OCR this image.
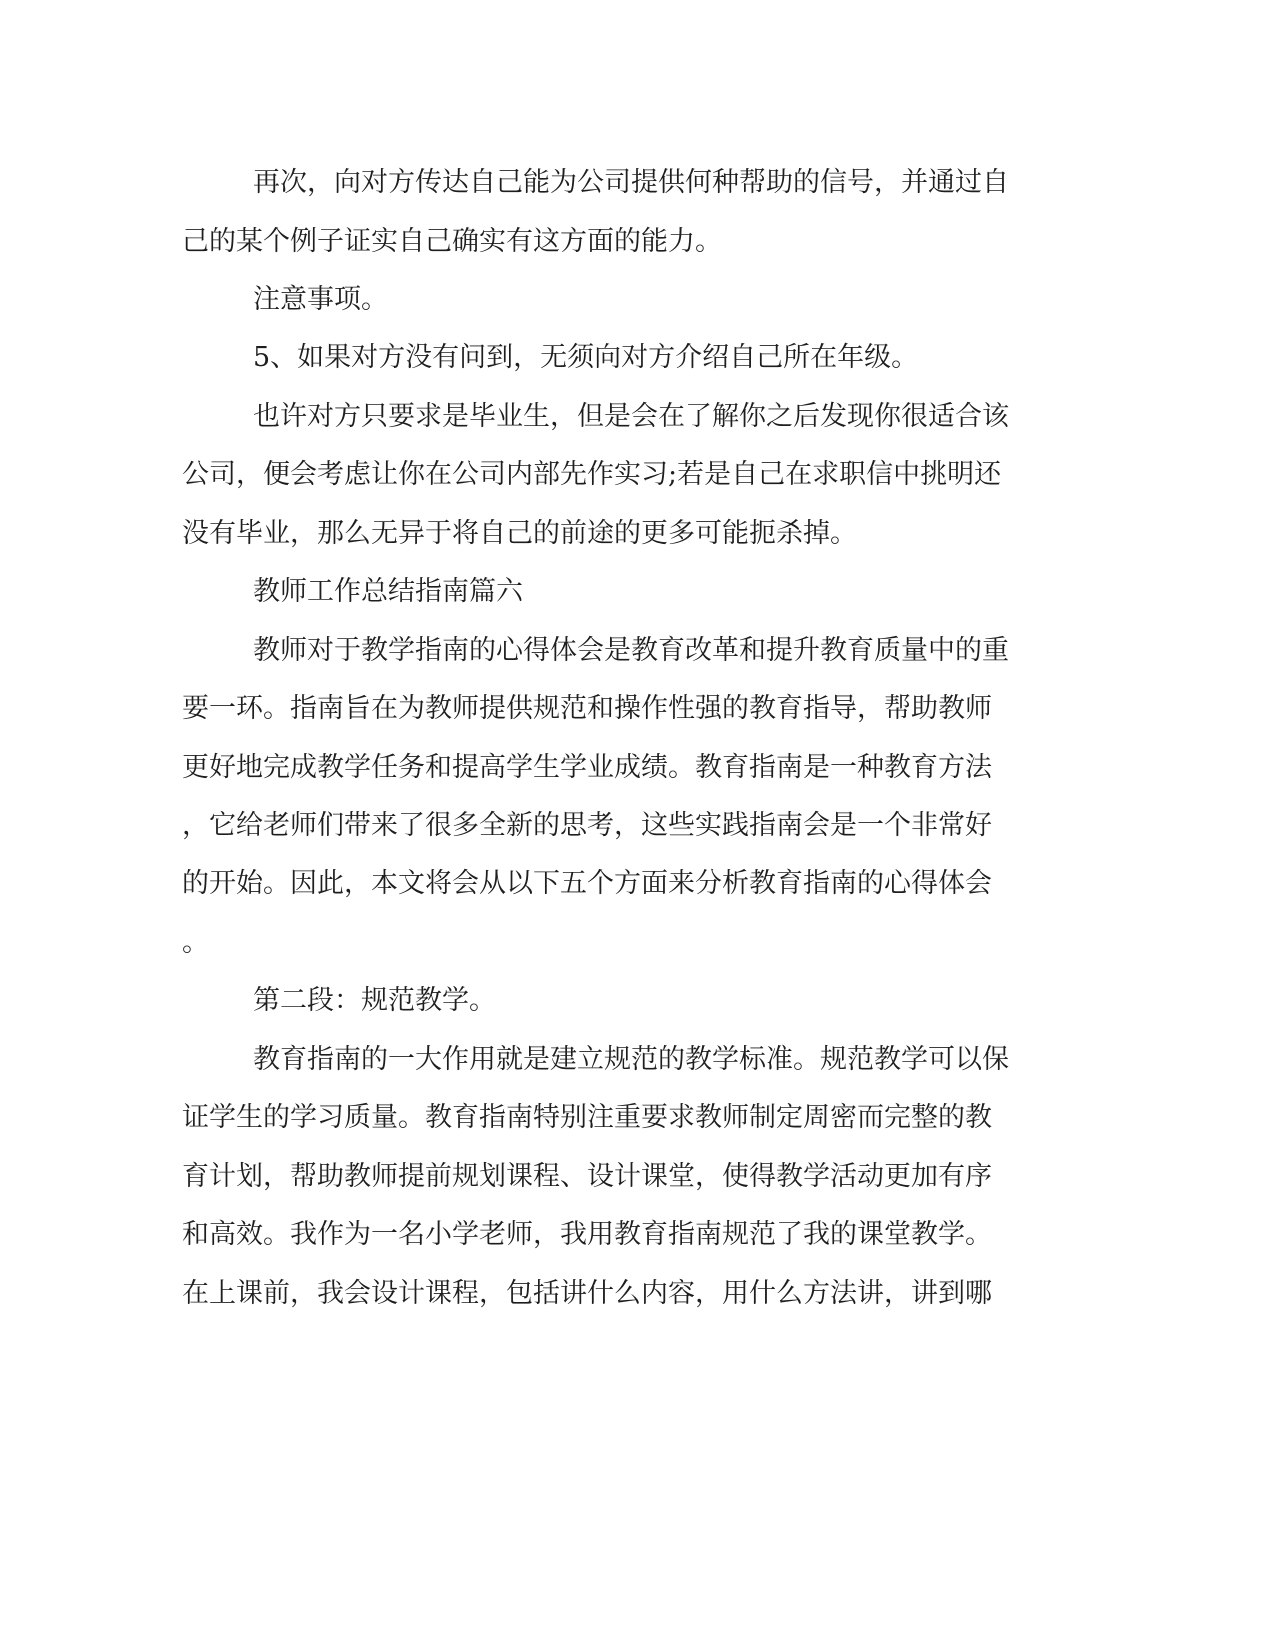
再次，向对方传达自己能为公司提供何种帮助的信号，并通过自
己的某个例子证实自己确实有这方面的能力。
注意事项。
5、如果对方没有问到，无须向对方介绍自己所在年级。
也许对方只要求是毕业生，但是会在了解你之后发现你很适合该
公司，便会考虑让你在公司内部先作实习;若是自己在求职信中挑明还
没有毕业，那么无异于将自己的前途的更多可能扼杀掉。
教师工作总结指南篇六
教师对于教学指南的心得体会是教育改革和提升教育质量中的重
要一环。指南旨在为教师提供规范和操作性强的教育指导，帮助教师
更好地完成教学任务和提高学生学业成绩。教育指南是一种教育方法
，它给老师们带来了很多全新的思考，这些实践指南会是一个非常好
的开始。因此，本文将会从以下五个方面来分析教育指南的心得体会
。
第二段：规范教学。
教育指南的一大作用就是建立规范的教学标准。规范教学可以保
证学生的学习质量。教育指南特别注重要求教师制定周密而完整的教
育计划，帮助教师提前规划课程、设计课堂，使得教学活动更加有序
和高效。我作为一名小学老师，我用教育指南规范了我的课堂教学。
在上课前，我会设计课程，包括讲什么内容，用什么方法讲，讲到哪
